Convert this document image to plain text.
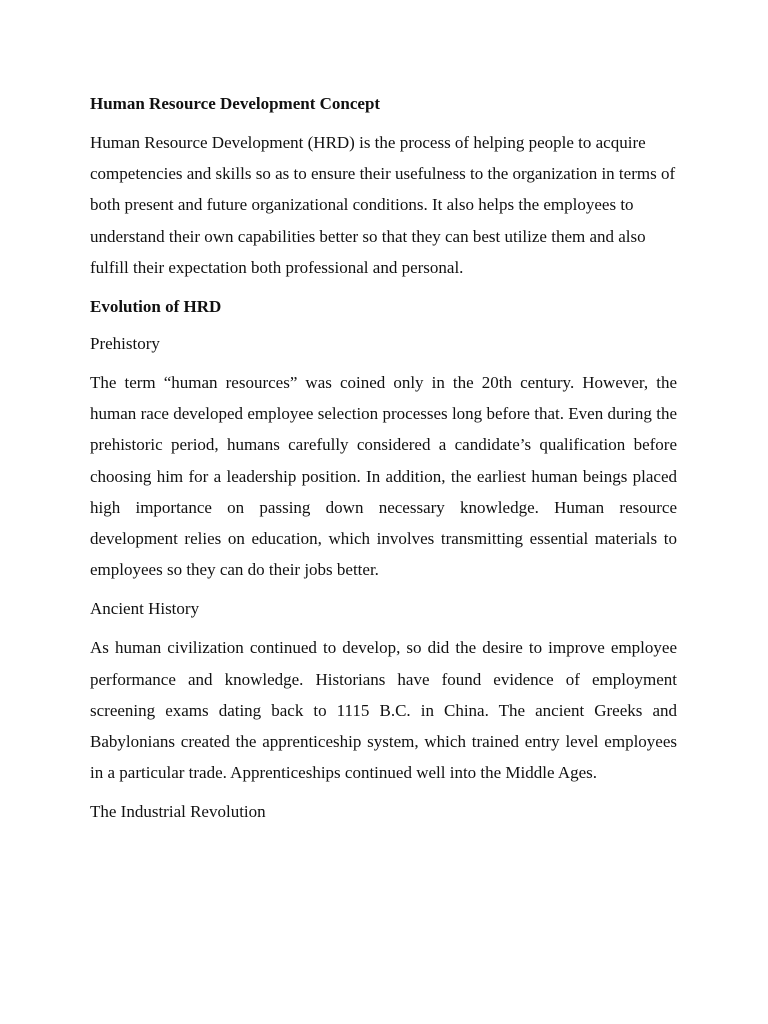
Human Resource Development Concept
Human Resource Development (HRD) is the process of helping people to acquire competencies and skills so as to ensure their usefulness to the organization in terms of both present and future organizational conditions. It also helps the employees to understand their own capabilities better so that they can best utilize them and also fulfill their expectation both professional and personal.
Evolution of HRD
Prehistory
The term “human resources” was coined only in the 20th century. However, the human race developed employee selection processes long before that. Even during the prehistoric period, humans carefully considered a candidate’s qualification before choosing him for a leadership position. In addition, the earliest human beings placed high importance on passing down necessary knowledge. Human resource development relies on education, which involves transmitting essential materials to employees so they can do their jobs better.
Ancient History
As human civilization continued to develop, so did the desire to improve employee performance and knowledge. Historians have found evidence of employment screening exams dating back to 1115 B.C. in China. The ancient Greeks and Babylonians created the apprenticeship system, which trained entry level employees in a particular trade. Apprenticeships continued well into the Middle Ages.
The Industrial Revolution
